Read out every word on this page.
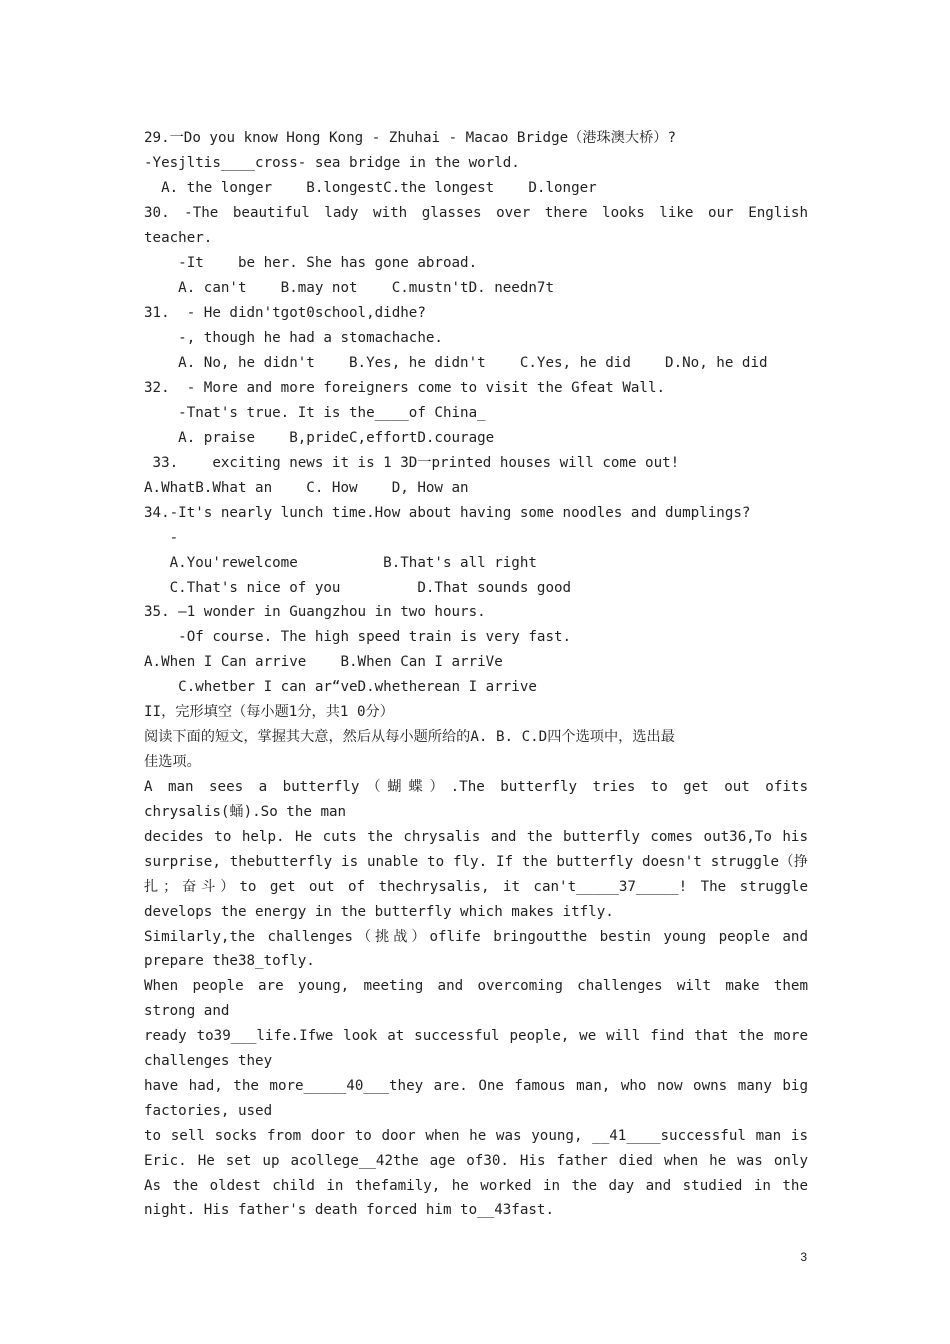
29.一Do you know Hong Kong - Zhuhai - Macao Bridge（港珠澳大桥）?
-Yesjltis____cross- sea bridge in the world.
A. the longer    B.longestC.the longest    D.longer
30. -The beautiful lady with glasses over there looks like our English
teacher.
-It    be her. She has gone abroad.
A. can't    B.may not    C.mustn'tD. needn7t
31.  - He didn'tgot0school,didhe?
-, though he had a stomachache.
A. No, he didn't    B.Yes, he didn't    C.Yes, he did    D.No, he did
32.  - More and more foreigners come to visit the Gfeat Wall.
-Tnat's true. It is the____of China_
A. praise    B,prideC,effortD.courage
33.    exciting news it is 1 3D一printed houses will come out!
A.WhatB.What an    C. How    D, How an
34.-It's nearly lunch time.How about having some noodles and dumplings?
-
A.You'rewelcome          B.That's all right
C.That's nice of you         D.That sounds good
35. —1 wonder in Guangzhou in two hours.
-Of course. The high speed train is very fast.
A.When I Can arrive    B.When Can I arriVe
C.whetber I can ar“veD.whetherean I arrive
II，完形填空（每小题1分，共1 0分）
阅读下面的短文，掌握其大意，然后从每小题所给的A. B. C.D四个选项中，选出最
佳选项。
A man sees a butterfly（蝴蝶）.The butterfly tries to get out ofits
chrysalis(蛹).So the man
decides to help. He cuts the chrysalis and the butterfly comes out36,To his
surprise, thebutterfly is unable to fly. If the butterfly doesn't struggle（挣
扎；奋斗）to get out of thechrysalis, it can't_____37_____! The struggle
develops the energy in the butterfly which makes itfly.
Similarly,the challenges（挑战）oflife bringoutthe bestin young people and
prepare the38_tofly.
When people are young, meeting and overcoming challenges wilt make them
strong and
ready to39___life.Ifwe look at successful people, we will find that the more
challenges they
have had, the more_____40___they are. One famous man, who now owns many big
factories, used
to sell socks from door to door when he was young, __41____successful man is
Eric. He set up acollege__42the age of30. His father died when he was only
As the oldest child in thefamily, he worked in the day and studied in the
night. His father's death forced him to__43fast.
3
